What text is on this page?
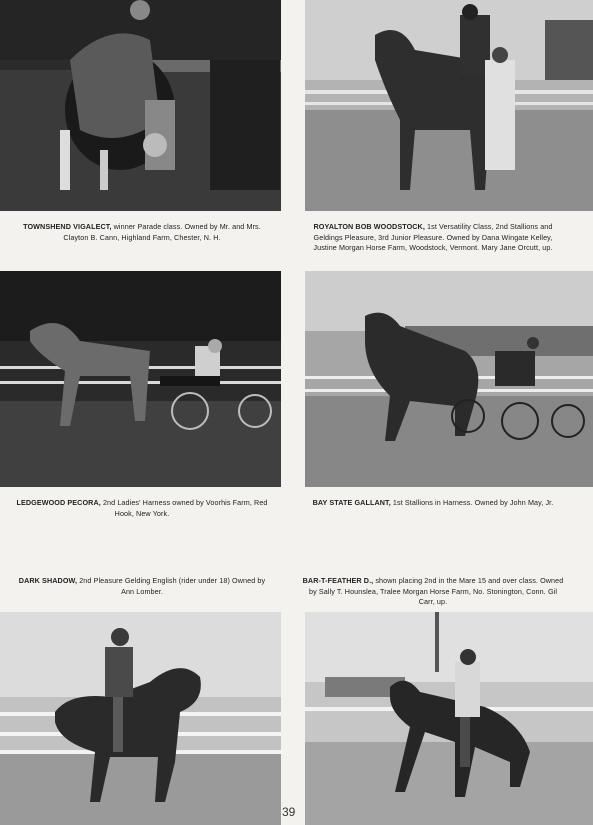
TOWNSHEND VIGALECT, winner Parade class. Owned by Mr. and Mrs. Clayton B. Cann, Highland Farm, Chester, N. H.
ROYALTON BOB WOODSTOCK, 1st Versatility Class, 2nd Stallions and Geldings Pleasure, 3rd Junior Pleasure. Owned by Dana Wingate Kelley, Justine Morgan Horse Farm, Woodstock, Vermont. Mary Jane Orcutt, up.
LEDGEWOOD PECORA, 2nd Ladies' Harness owned by Voorhis Farm, Red Hook, New York.
BAY STATE GALLANT, 1st Stallions in Harness. Owned by John May, Jr.
DARK SHADOW, 2nd Pleasure Gelding English (rider under 18) Owned by Ann Lomber.
BAR-T-FEATHER D., shown placing 2nd in the Mare 15 and over class. Owned by Sally T. Hounslea, Tralee Morgan Horse Farm, No. Stonington, Conn. Gil Carr, up.
39
